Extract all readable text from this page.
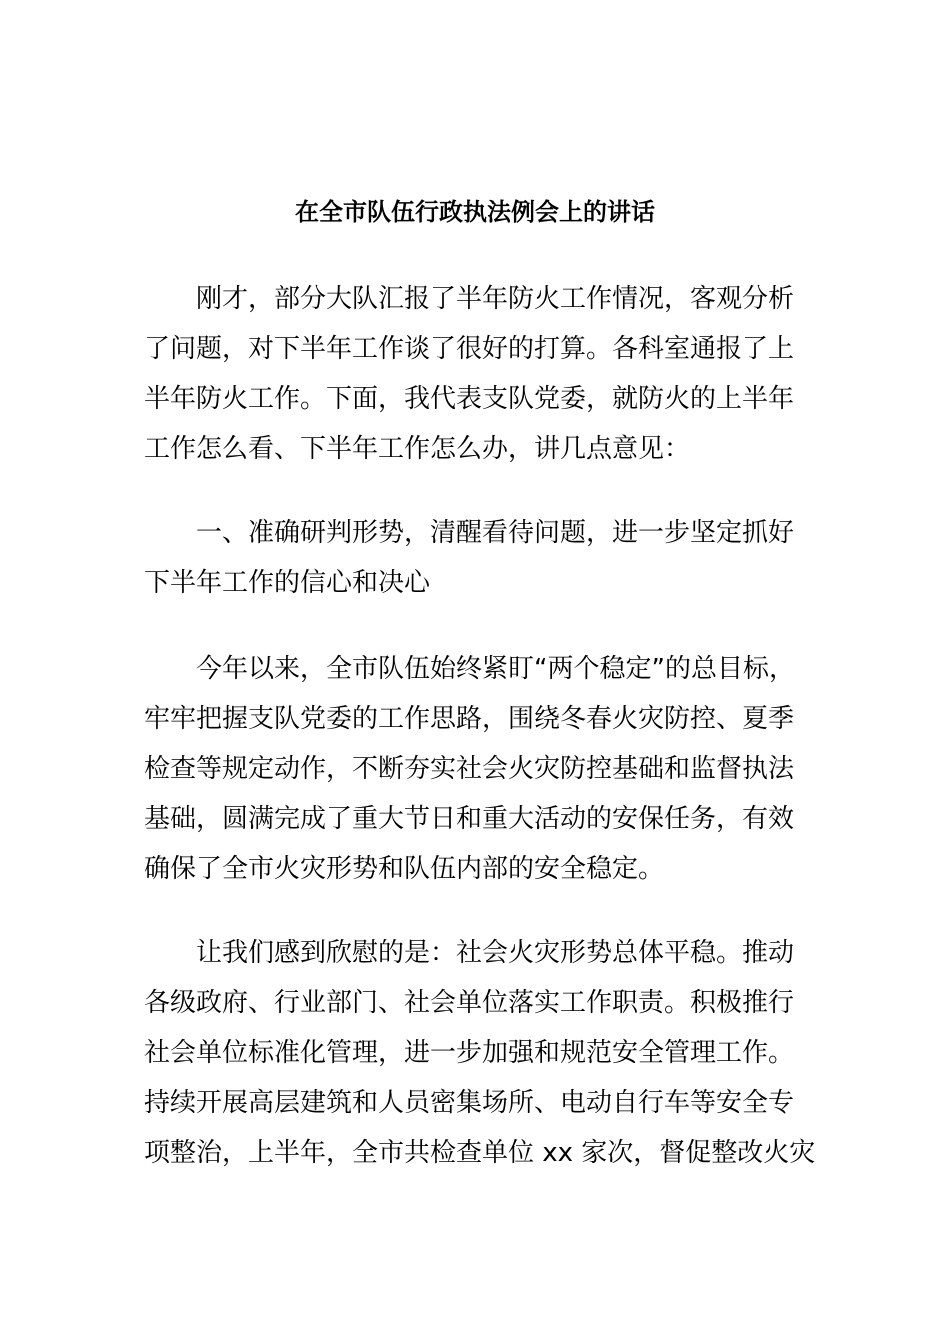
在全市队伍行政执法例会上的讲话

刚才，部分大队汇报了半年防火工作情况，客观分析
了问题，对下半年工作谈了很好的打算。各科室通报了上
半年防火工作。下面，我代表支队党委，就防火的上半年
工作怎么看、下半年工作怎么办，讲几点意见：

一、准确研判形势，清醒看待问题，进一步坚定抓好
下半年工作的信心和决心

今年以来，全市队伍始终紧盯“两个稳定”的总目标，
牢牢把握支队党委的工作思路，围绕冬春火灾防控、夏季
检查等规定动作，不断夯实社会火灾防控基础和监督执法
基础，圆满完成了重大节日和重大活动的安保任务，有效
确保了全市火灾形势和队伍内部的安全稳定。

让我们感到欣慰的是：社会火灾形势总体平稳。推动
各级政府、行业部门、社会单位落实工作职责。积极推行
社会单位标准化管理，进一步加强和规范安全管理工作。
持续开展高层建筑和人员密集场所、电动自行车等安全专
项整治，上半年，全市共检查单位 xx 家次，督促整改火灾
